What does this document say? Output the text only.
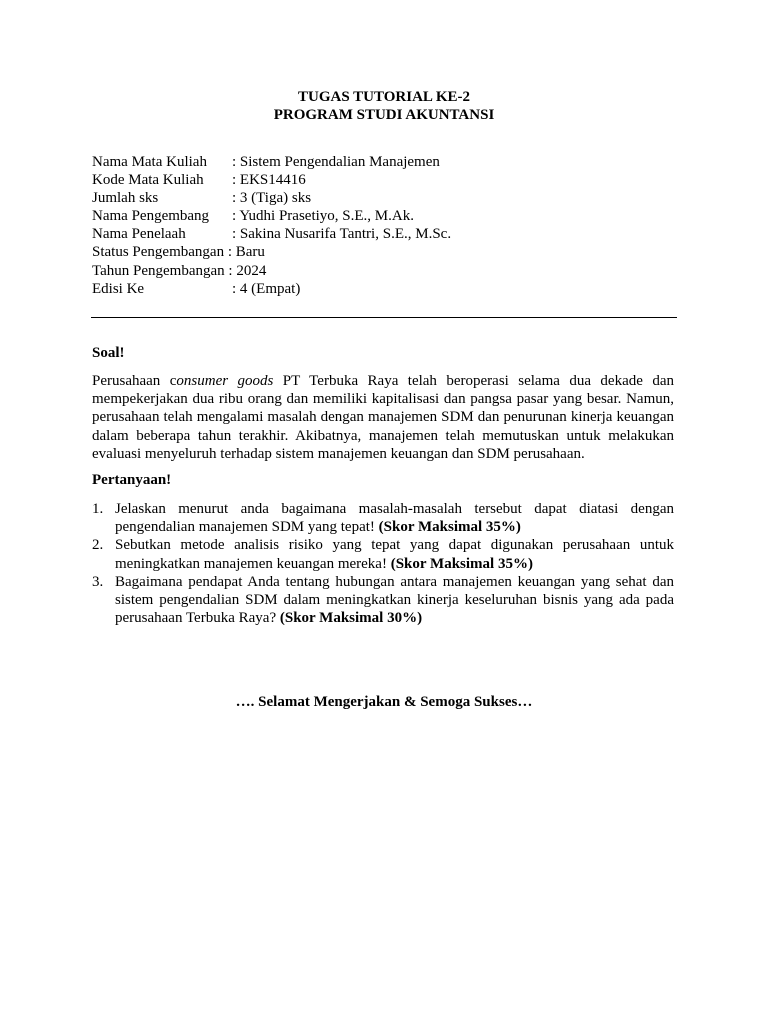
TUGAS TUTORIAL KE-2
PROGRAM STUDI AKUNTANSI
Nama Mata Kuliah : Sistem Pengendalian Manajemen
Kode Mata Kuliah : EKS14416
Jumlah sks	: 3 (Tiga) sks
Nama Pengembang : Yudhi Prasetiyo, S.E., M.Ak.
Nama Penelaah	: Sakina Nusarifa Tantri, S.E., M.Sc.
Status Pengembangan : Baru
Tahun Pengembangan : 2024
Edisi Ke	: 4 (Empat)
Soal!
Perusahaan consumer goods PT Terbuka Raya telah beroperasi selama dua dekade dan mempekerjakan dua ribu orang dan memiliki kapitalisasi dan pangsa pasar yang besar. Namun, perusahaan telah mengalami masalah dengan manajemen SDM dan penurunan kinerja keuangan dalam beberapa tahun terakhir. Akibatnya, manajemen telah memutuskan untuk melakukan evaluasi menyeluruh terhadap sistem manajemen keuangan dan SDM perusahaan.
Pertanyaan!
1. Jelaskan menurut anda bagaimana masalah-masalah tersebut dapat diatasi dengan pengendalian manajemen SDM yang tepat! (Skor Maksimal 35%)
2. Sebutkan metode analisis risiko yang tepat yang dapat digunakan perusahaan untuk meningkatkan manajemen keuangan mereka! (Skor Maksimal 35%)
3. Bagaimana pendapat Anda tentang hubungan antara manajemen keuangan yang sehat dan sistem pengendalian SDM dalam meningkatkan kinerja keseluruhan bisnis yang ada pada perusahaan Terbuka Raya? (Skor Maksimal 30%)
…. Selamat Mengerjakan & Semoga Sukses…
